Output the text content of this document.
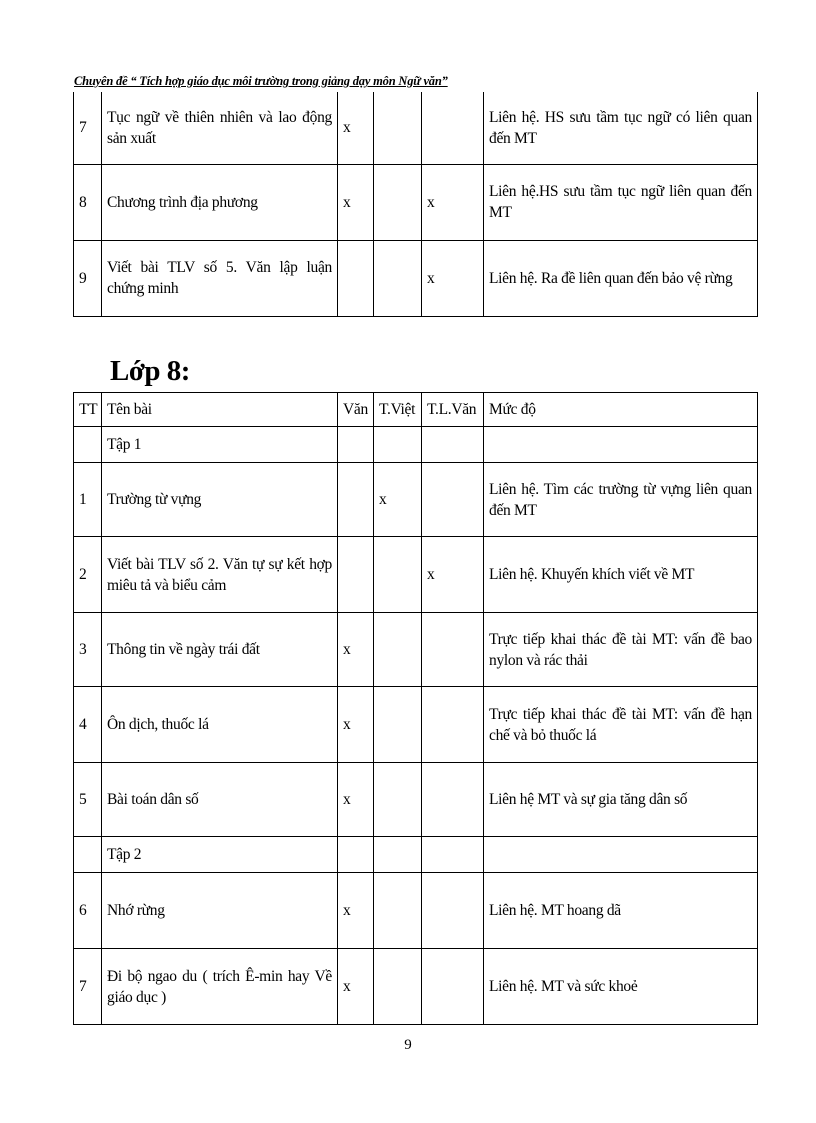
Chuyên đề “ Tích hợp giáo dục môi trường trong giảng dạy môn Ngữ văn”
7	Tục ngữ về thiên nhiên và lao động sản xuất	x			Liên hệ. HS sưu tầm tục ngữ có liên quan đến MT
8	Chương trình địa phương	x		x	Liên hệ.HS sưu tầm tục ngữ liên quan đến MT
9	Viết bài TLV số 5. Văn lập luận chứng minh			x	Liên hệ. Ra đề liên quan đến bảo vệ rừng
Lớp 8:
TT	Tên bài	Văn	T.Việt	T.L.Văn	Mức độ
	Tập 1				
1	Trường từ vựng		x		Liên hệ. Tìm các trường từ vựng liên quan đến MT
2	Viết bài TLV số 2. Văn tự sự kết hợp miêu tả và biểu cảm			x	Liên hệ. Khuyến khích viết về MT
3	Thông tin về ngày trái đất	x			Trực tiếp khai thác đề tài MT: vấn đề bao nylon và rác thải
4	Ôn dịch, thuốc lá	x			Trực tiếp khai thác đề tài MT: vấn đề hạn chế và bỏ thuốc lá
5	Bài toán dân số	x			Liên hệ MT và sự gia tăng dân số
	Tập 2				
6	Nhớ rừng	x			Liên hệ. MT hoang dã
7	Đi bộ ngao du ( trích Ê-min hay Về giáo dục )	x			Liên hệ. MT và sức khoẻ
9
